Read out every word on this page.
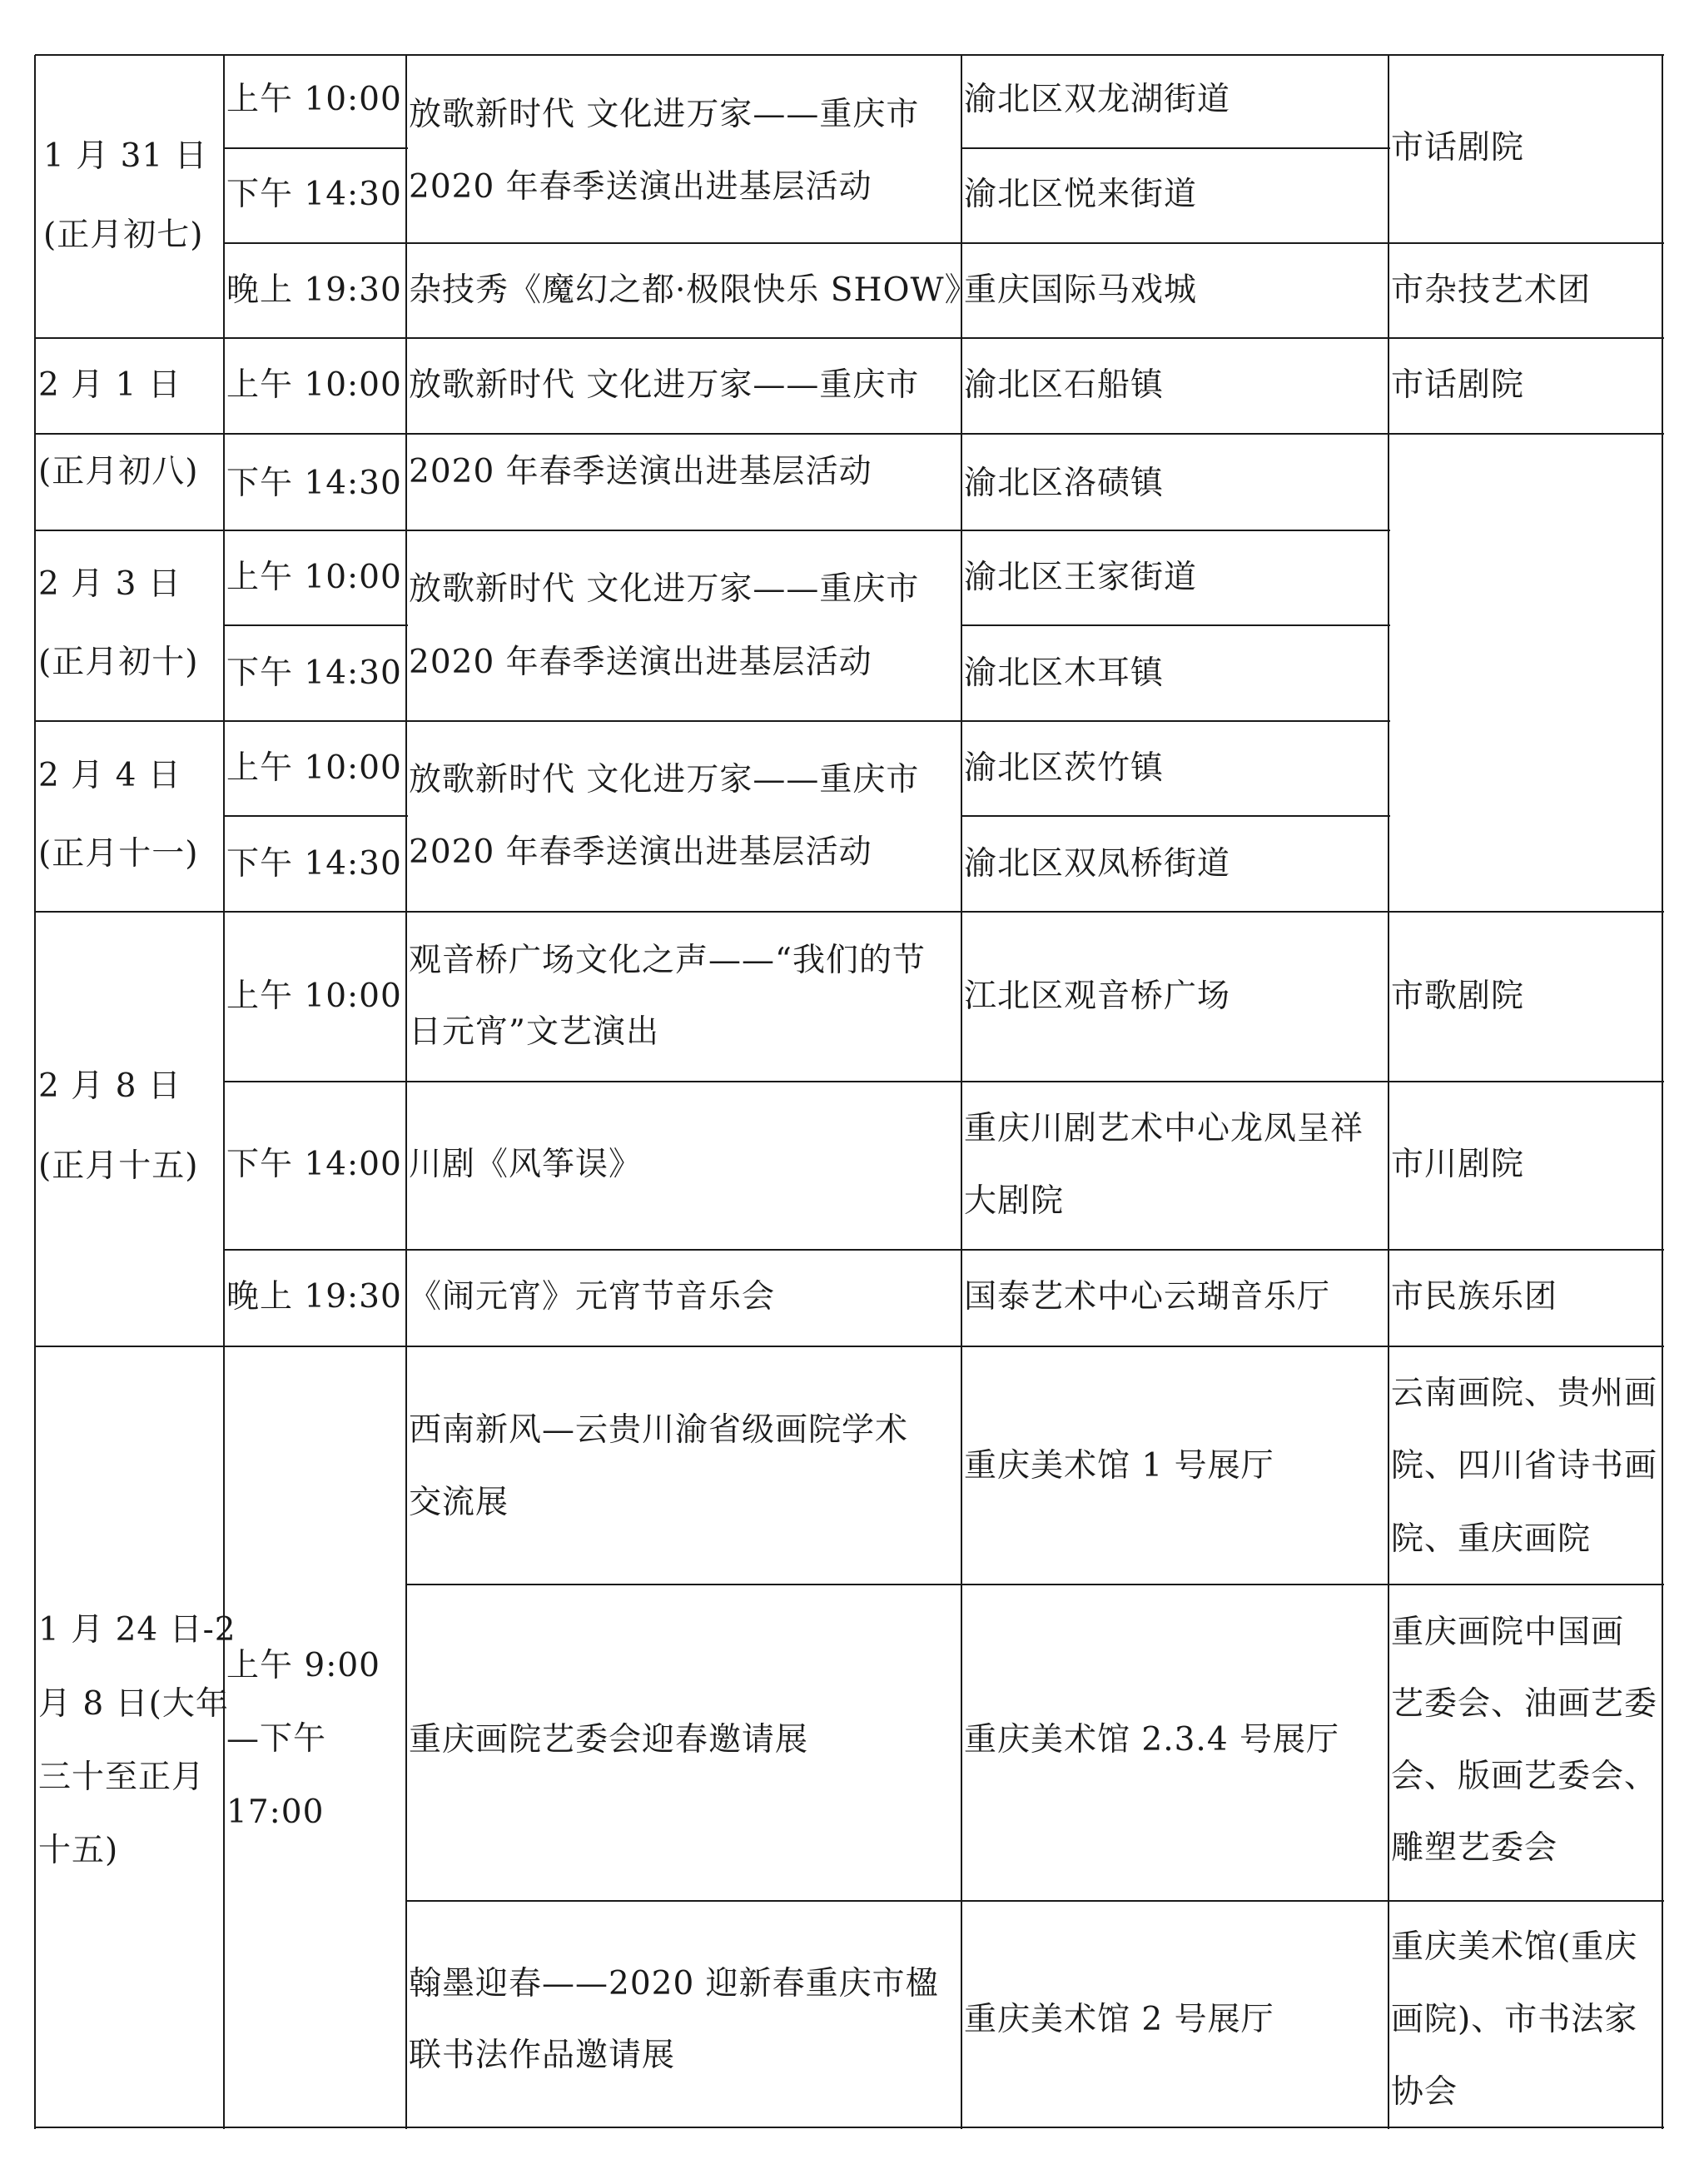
1 月 31 日
(正月初七)
上午 10:00
下午 14:30
晚上 19:30
放歌新时代 文化进万家——重庆市
2020 年春季送演出进基层活动
杂技秀《魔幻之都·极限快乐 SHOW》
渝北区双龙湖街道
渝北区悦来街道
重庆国际马戏城
市话剧院
市杂技艺术团
2 月 1 日 上午 10:00 放歌新时代 文化进万家——重庆市 渝北区石船镇	市话剧院
(正月初八) 下午 14:30 2020 年春季送演出进基层活动	渝北区洛碛镇
2 月 3 日
(正月初十)
上午 10:00
下午 14:30
放歌新时代 文化进万家——重庆市
2020 年春季送演出进基层活动
渝北区王家街道
渝北区木耳镇
2 月 4 日
(正月十一)
上午 10:00
下午 14:30
放歌新时代 文化进万家——重庆市
2020 年春季送演出进基层活动
渝北区茨竹镇
渝北区双凤桥街道
2 月 8 日
(正月十五)
上午 10:00
下午 14:00
晚上 19:30
观音桥广场文化之声——“我们的节
日元宵”文艺演出
川剧《风筝误》
《闹元宵》元宵节音乐会
江北区观音桥广场
重庆川剧艺术中心龙凤呈祥
大剧院
国泰艺术中心云瑚音乐厅
市歌剧院
市川剧院
市民族乐团
1 月 24 日-2
月 8 日(大年
三十至正月
十五)
上午 9:00
—下午
17:00
西南新风—云贵川渝省级画院学术
交流展
重庆画院艺委会迎春邀请展
翰墨迎春——2020 迎新春重庆市楹
联书法作品邀请展
重庆美术馆 1 号展厅
重庆美术馆 2.3.4 号展厅
重庆美术馆 2 号展厅
云南画院、贵州画
院、四川省诗书画
院、重庆画院
重庆画院中国画
艺委会、油画艺委
会、版画艺委会、
雕塑艺委会
重庆美术馆(重庆
画院)、市书法家
协会
